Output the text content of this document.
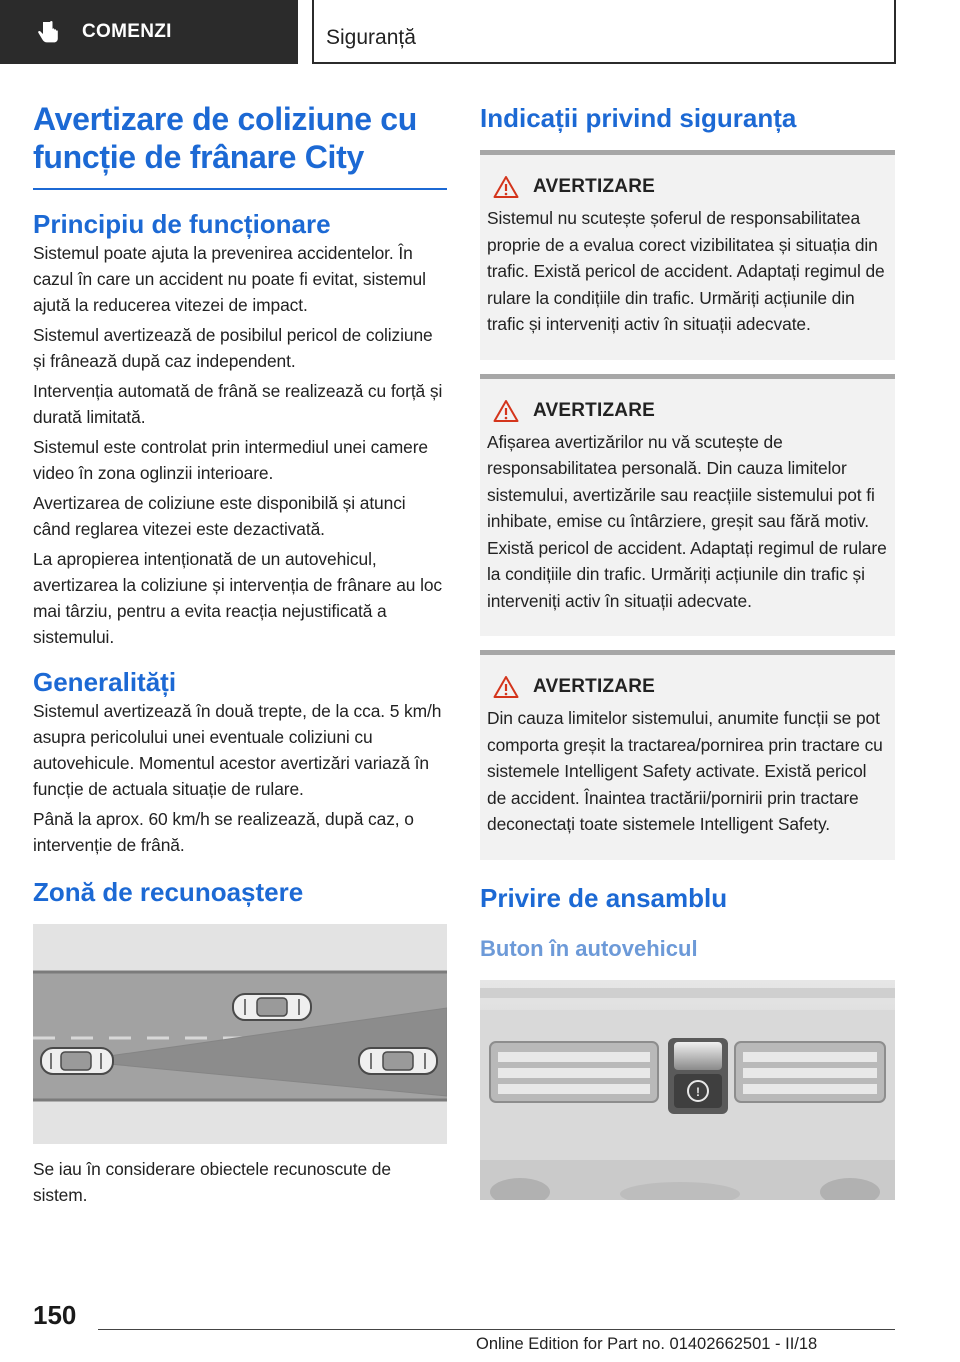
COMENZI	Siguranță
Avertizare de coliziune cu
funcție de frânare City
Principiu de funcționare

Sistemul poate ajuta la prevenirea accidentelor. În cazul în care un accident nu poate fi evitat, sistemul ajută la reducerea vitezei de impact.

Sistemul avertizează de posibilul pericol de coliziune și frânează după caz independent.

Intervenția automată de frână se realizează cu forță și durată limitată.

Sistemul este controlat prin intermediul unei camere video în zona oglinzii interioare.

Avertizarea de coliziune este disponibilă și atunci când reglarea vitezei este dezactivată.

La apropierea intenționată de un autovehicul, avertizarea la coliziune și intervenția de frânare au loc mai târziu, pentru a evita reacția nejustificată a sistemului.

Generalități

Sistemul avertizează în două trepte, de la cca. 5 km/h asupra pericolului unei eventuale coliziuni cu autovehicule. Momentul acestor avertizări variază în funcție de actuala situație de rulare.

Până la aprox. 60 km/h se realizează, după caz, o intervenție de frână.

Zonă de recunoaștere

Se iau în considerare obiectele recunoscute de sistem.

Indicații privind siguranța
AVERTIZARE

Sistemul nu scutește șoferul de responsabilitatea proprie de a evalua corect vizibilitatea și situația din trafic. Există pericol de accident. Adaptați regimul de rulare la condițiile din trafic. Urmăriți acțiunile din trafic și interveniți activ în situații adecvate.

AVERTIZARE

Afișarea avertizărilor nu vă scutește de responsabilitatea personală. Din cauza limitelor sistemului, avertizările sau reacțiile sistemului pot fi inhibate, emise cu întârziere, greșit sau fără motiv. Există pericol de accident. Adaptați regimul de rulare la condițiile din trafic. Urmăriți acțiunile din trafic și interveniți activ în situații adecvate.

AVERTIZARE

Din cauza limitelor sistemului, anumite funcții se pot comporta greșit la tractarea/pornirea prin tractare cu sistemele Intelligent Safety activate. Există pericol de accident. Înaintea tractării/pornirii prin tractare deconectați toate sistemele Intelligent Safety.

Privire de ansamblu
Buton în autovehicul
!
150
Online Edition for Part no. 01402662501 - II/18
